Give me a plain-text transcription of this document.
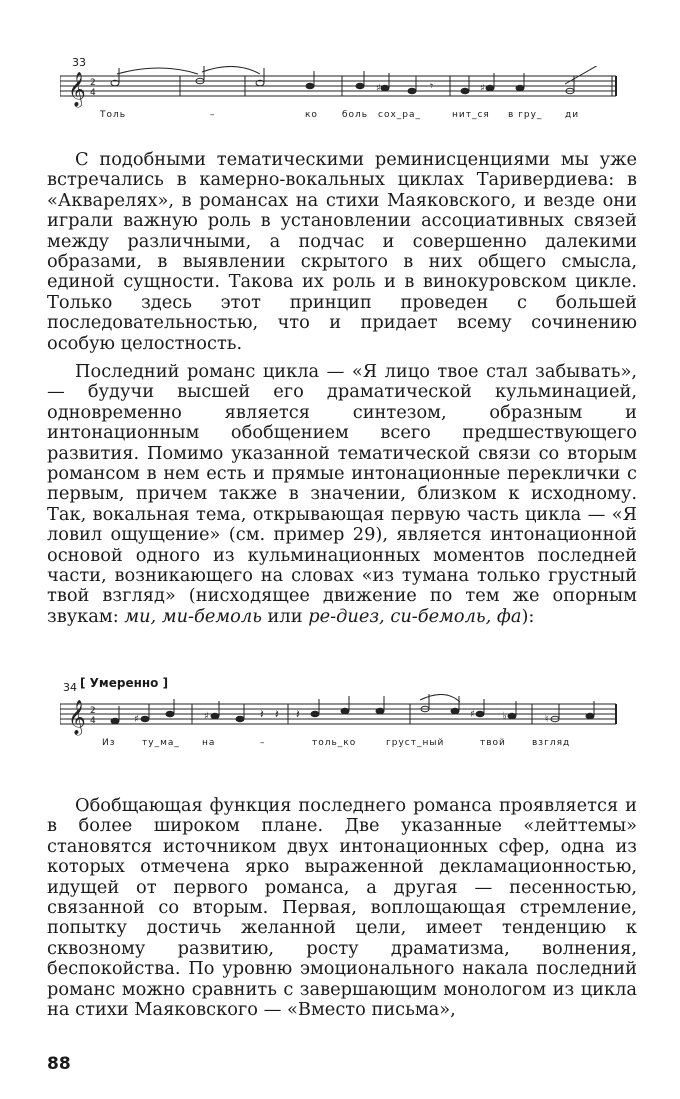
33
𝄞 2
4	♯	♯
𝄾
Толь	–	ко	боль сох_ра_	нит_ся в гру_	ди

С подобными тематическими реминисценциями мы уже встречались в камерно-вокальных циклах Таривердиева: в «Акварелях», в романсах на стихи Маяковского, и везде они играли важную роль в установлении ассоциативных связей между различными, а подчас и совершенно далекими образами, в выявлении скрытого в них общего смысла, единой сущности. Такова их роль и в винокуровском цикле. Только здесь этот принцип проведен с большей последовательностью, что и придает всему сочинению особую целостность.

Последний романс цикла — «Я лицо твое стал забывать», — будучи высшей его драматической кульминацией, одновременно является синтезом, образным и интонационным обобщением всего предшествующего развития. Помимо указанной тематической связи со вторым романсом в нем есть и прямые интонационные переклички с первым, причем также в значении, близком к исходному. Так, вокальная тема, открывающая первую часть цикла — «Я ловил ощущение» (см. пример 29), является интонационной основой одного из кульминационных моментов последней части, возникающего на словах «из тумана только грустный твой взгляд» (нисходящее движение по тем же опорным звукам: ми, ми-бемоль или ре-диез, си-бемоль, фа):

34 [ Умеренно ]
𝄞 2
4	♯	♯	♯	♭	♮
𝄽 𝄽 𝄽
Из	ту_ма_ на	–	толь_ко	груст_ный	твой	взгляд

Обобщающая функция последнего романса проявляется и в более широком плане. Две указанные «лейттемы» становятся источником двух интонационных сфер, одна из которых отмечена ярко выраженной декламационностью, идущей от первого романса, а другая — песенностью, связанной со вторым. Первая, воплощающая стремление, попытку достичь желанной цели, имеет тенденцию к сквозному развитию, росту драматизма, волнения, беспокойства. По уровню эмоционального накала последний романс можно сравнить с завершающим монологом из цикла на стихи Маяковского — «Вместо письма»,

88
